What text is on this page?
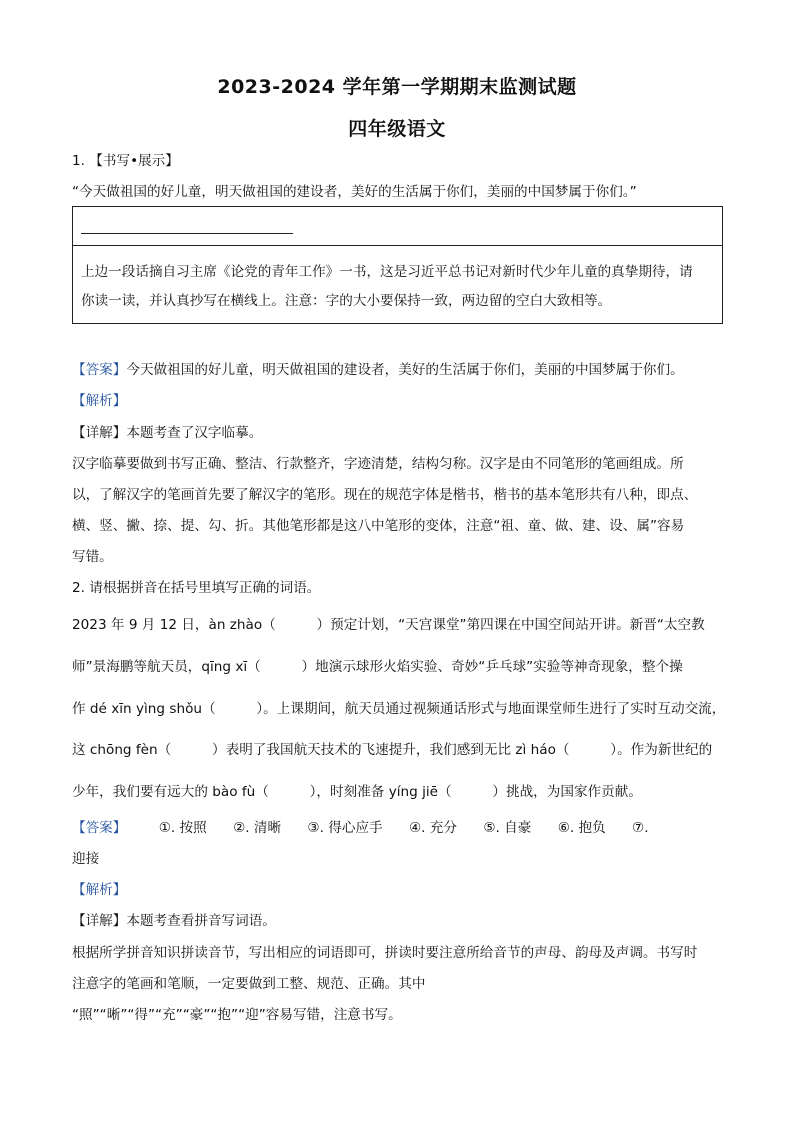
2023-2024 学年第一学期期末监测试题
四年级语文
1. 【书写•展示】
“今天做祖国的好儿童，明天做祖国的建设者，美好的生活属于你们，美丽的中国梦属于你们。”
上边一段话摘自习主席《论党的青年工作》一书，这是习近平总书记对新时代少年儿童的真挚期待，请
你读一读，并认真抄写在横线上。注意：字的大小要保持一致，两边留的空白大致相等。
【答案】今天做祖国的好儿童，明天做祖国的建设者，美好的生活属于你们，美丽的中国梦属于你们。
【解析】
【详解】本题考查了汉字临摹。
汉字临摹要做到书写正确、整洁、行款整齐，字迹清楚，结构匀称。汉字是由不同笔形的笔画组成。所
以，了解汉字的笔画首先要了解汉字的笔形。现在的规范字体是楷书，楷书的基本笔形共有八种，即点、
横、竖、撇、捺、提、勾、折。其他笔形都是这八中笔形的变体，注意“祖、童、做、建、设、属”容易
写错。
2. 请根据拼音在括号里填写正确的词语。
2023 年 9 月 12 日，àn zhào（　　　）预定计划，“天宫课堂”第四课在中国空间站开讲。新晋“太空教
师”景海鹏等航天员，qīng xī（　　　）地演示球形火焰实验、奇妙“乒乓球”实验等神奇现象，整个操
作 dé xīn yìng shǒu（　　　）。上课期间，航天员通过视频通话形式与地面课堂师生进行了实时互动交流，
这 chōng fèn（　　　）表明了我国航天技术的飞速提升，我们感到无比 zì háo（　　　）。作为新世纪的
少年，我们要有远大的 bào fù（　　　），时刻准备 yíng jiē（　　　）挑战，为国家作贡献。
【答案】 ①. 按照 ②. 清晰 ③. 得心应手 ④. 充分 ⑤. 自豪 ⑥. 抱负 ⑦.
迎接
【解析】
【详解】本题考查看拼音写词语。
根据所学拼音知识拼读音节，写出相应的词语即可，拼读时要注意所给音节的声母、韵母及声调。书写时
注意字的笔画和笔顺，一定要做到工整、规范、正确。其中
“照”“晰”“得”“充”“豪”“抱”“迎”容易写错，注意书写。
